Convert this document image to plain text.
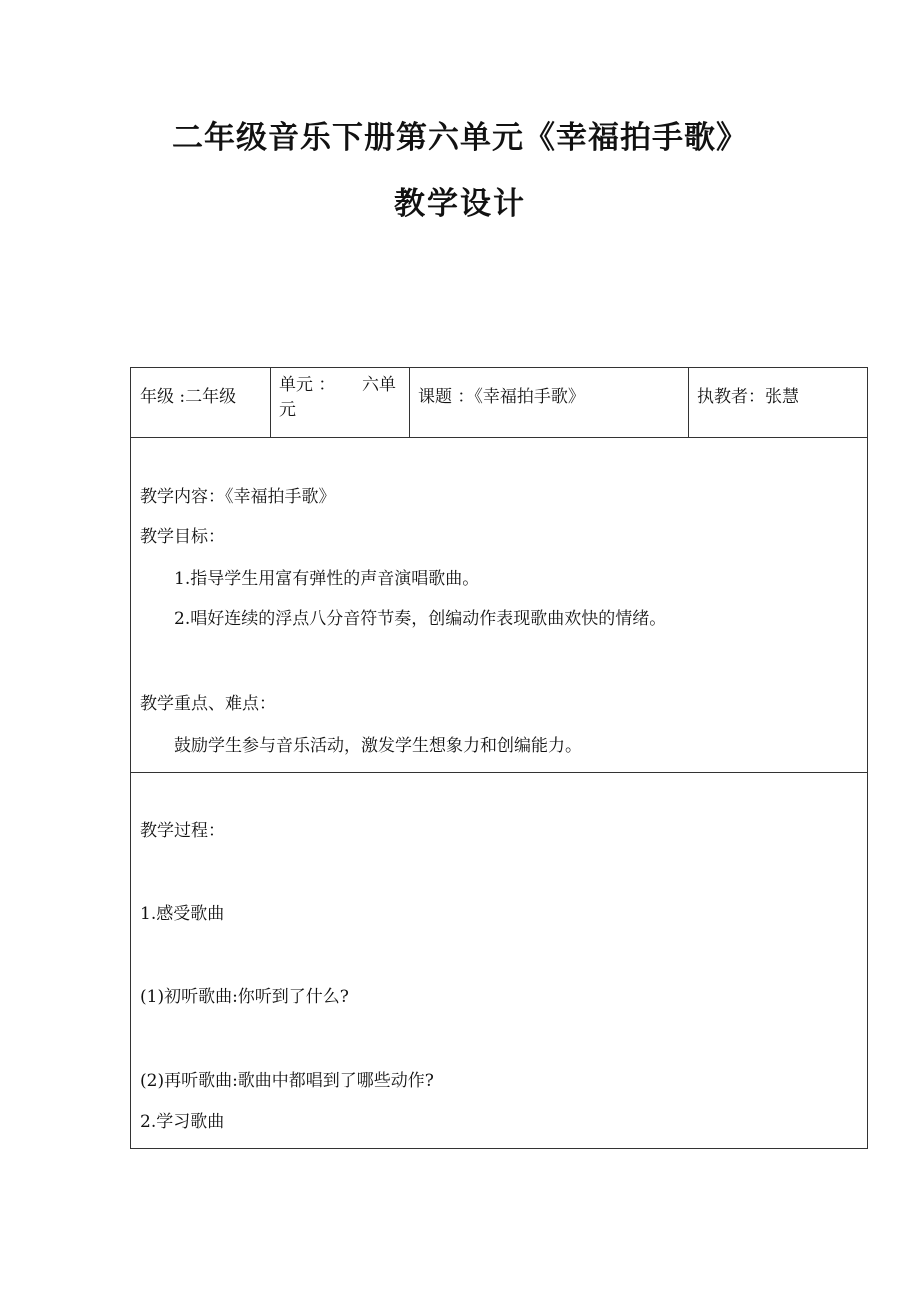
二年级音乐下册第六单元《幸福拍手歌》
教学设计
年级 :二年级
单元 ： 六单
元
课题 ：《幸福拍手歌》	执教者：张慧
教学内容：《幸福拍手歌》
教学目标：
1.指导学生用富有弹性的声音演唱歌曲。
2.唱好连续的浮点八分音符节奏，创编动作表现歌曲欢快的情绪。
教学重点、难点：
鼓励学生参与音乐活动，激发学生想象力和创编能力。
教学过程：
1.感受歌曲
(1)初听歌曲:你听到了什么?
(2)再听歌曲:歌曲中都唱到了哪些动作?
2.学习歌曲
